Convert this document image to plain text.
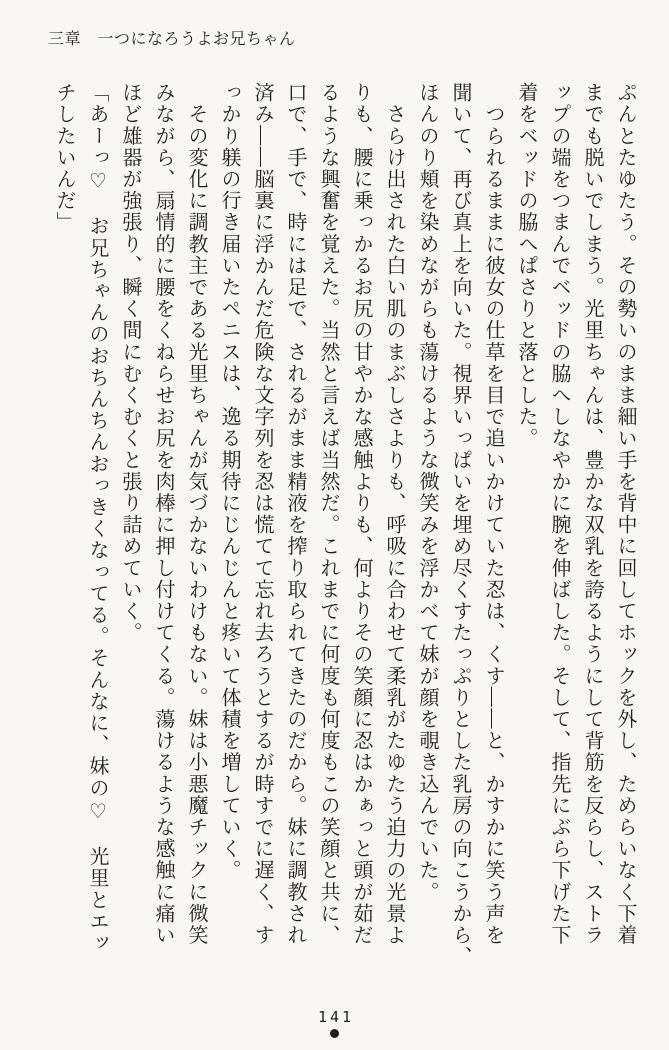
三章　一つになろうよお兄ちゃん

ぷんとたゆたう。その勢いのまま細い手を背中に回してホックを外し、ためらいなく下着

までも脱いでしまう。光里ちゃんは、豊かな双乳を誇るようにして背筋を反らし、ストラ

ップの端をつまんでベッドの脇へしなやかに腕を伸ばした。そして、指先にぶら下げた下

着をベッドの脇へぱさりと落とした。

　つられるままに彼女の仕草を目で追いかけていた忍は、くす——と、かすかに笑う声を

聞いて、再び真上を向いた。視界いっぱいを埋め尽くすたっぷりとした乳房の向こうから、

ほんのり頬を染めながらも蕩けるような微笑みを浮かべて妹が顔を覗き込んでいた。

　さらけ出された白い肌のまぶしさよりも、呼吸に合わせて柔乳がたゆたう迫力の光景よ

りも、腰に乗っかるお尻の甘やかな感触よりも、何よりその笑顔に忍はかぁっと頭が茹だ

るような興奮を覚えた。当然と言えば当然だ。これまでに何度も何度もこの笑顔と共に、

口で、手で、時には足で、されるがまま精液を搾り取られてきたのだから。妹に調教され

済み——脳裏に浮かんだ危険な文字列を忍は慌てて忘れ去ろうとするが時すでに遅く、す

っかり躾の行き届いたペニスは、逸る期待にじんじんと疼いて体積を増していく。

　その変化に調教主である光里ちゃんが気づかないわけもない。妹は小悪魔チックに微笑

みながら、扇情的に腰をくねらせお尻を肉棒に押し付けてくる。蕩けるような感触に痛い

ほど雄器が強張り、瞬く間にむくむくと張り詰めていく。

「あーっ♡　お兄ちゃんのおちんちんおっきくなってる。そんなに、妹の♡　光里とエッ

チしたいんだ」

141
